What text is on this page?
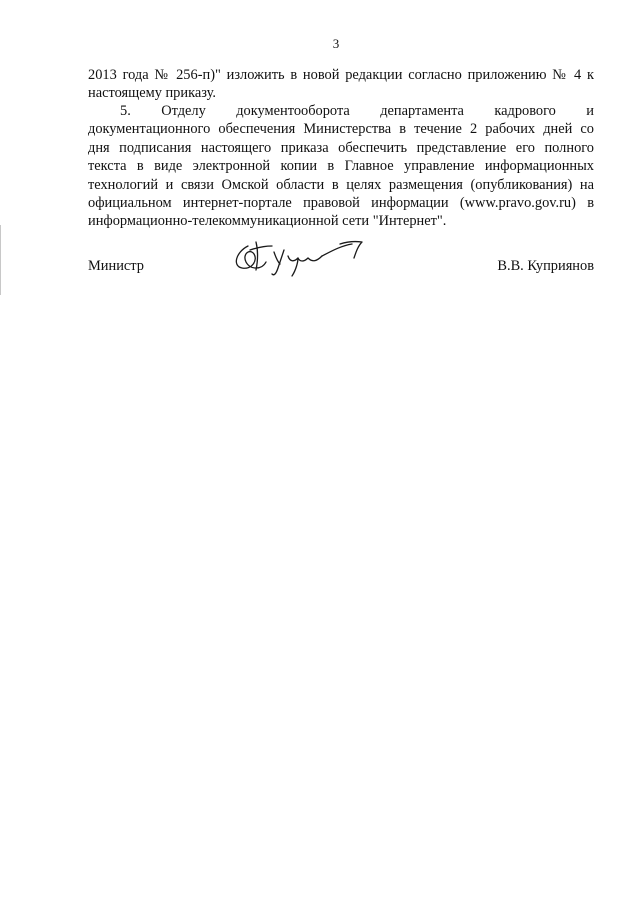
3
2013 года № 256-п)" изложить в новой редакции согласно приложению № 4 к
настоящему приказу.
5. Отделу документооборота департамента кадрового и
документационного обеспечения Министерства в течение 2 рабочих дней со
дня подписания настоящего приказа обеспечить представление его полного
текста в виде электронной копии в Главное управление информационных
технологий и связи Омской области в целях размещения (опубликования) на
официальном интернет-портале правовой информации (www.pravo.gov.ru) в
информационно-телекоммуникационной сети "Интернет".
Министр	В.В. Куприянов
